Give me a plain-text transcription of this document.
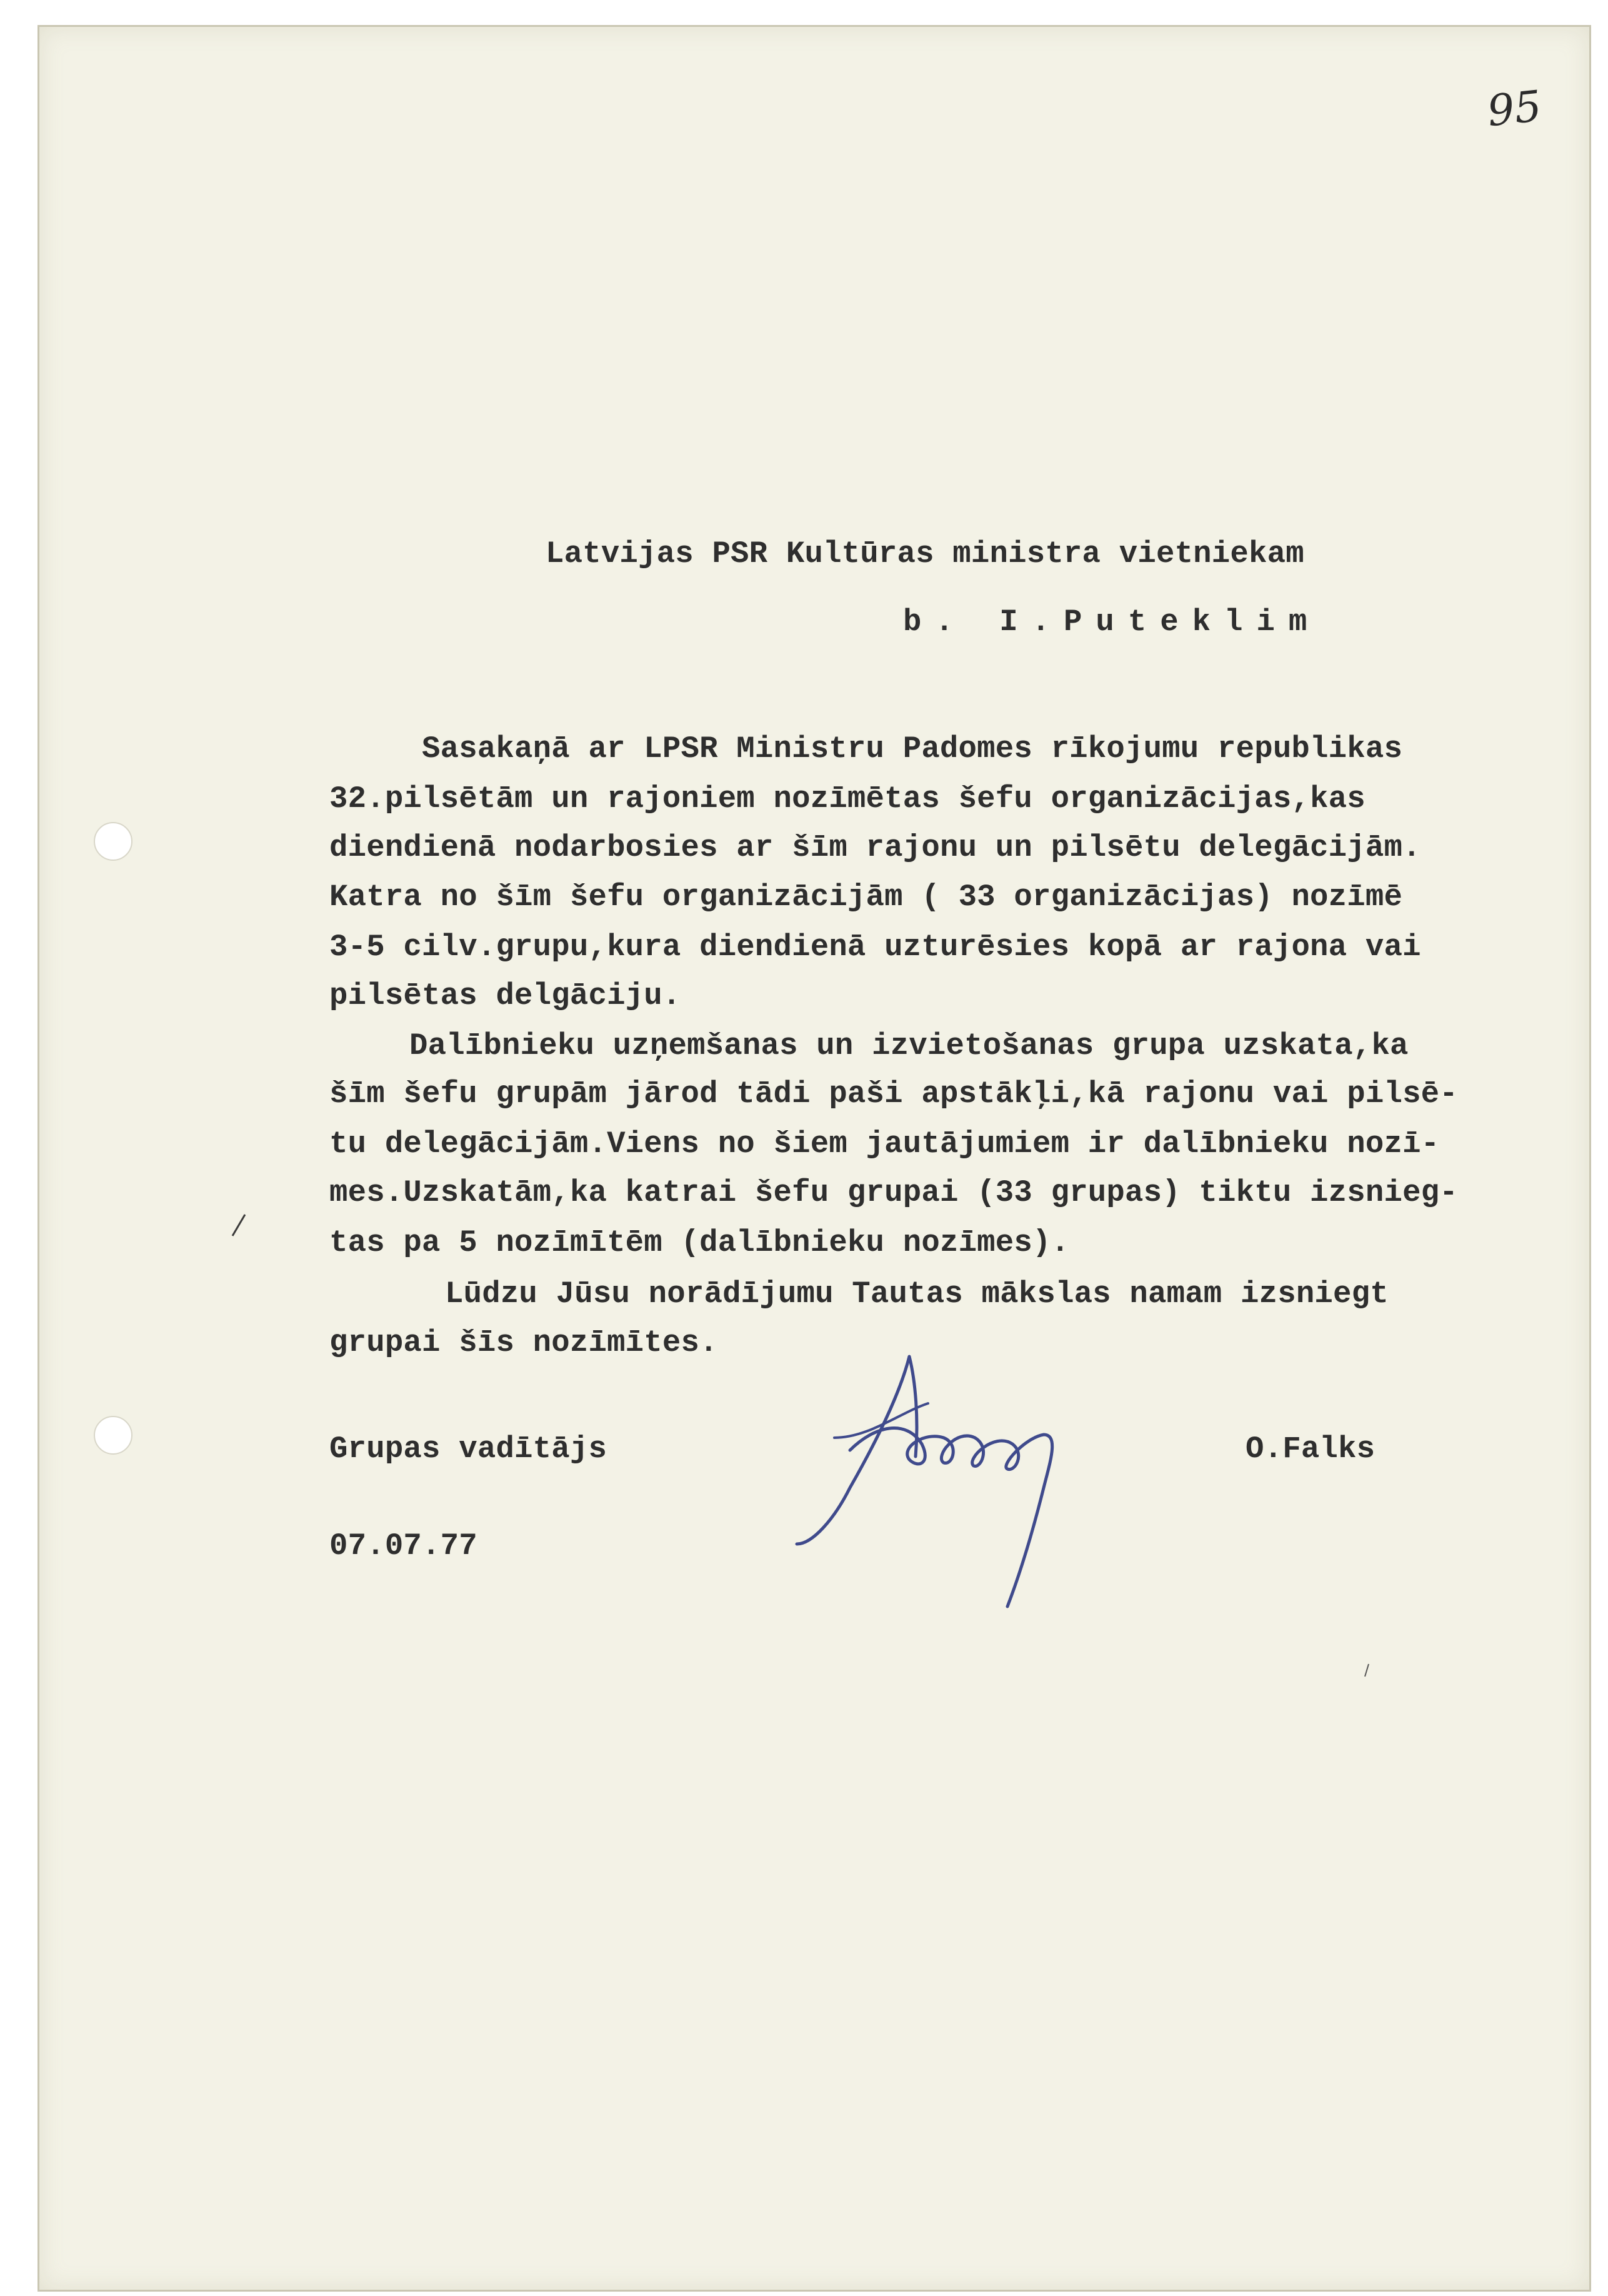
95
Latvijas PSR Kultūras ministra vietniekam
b. I.Puteklim
Sasakaņā ar LPSR Ministru Padomes rīkojumu republikas
32.pilsētām un rajoniem nozīmētas šefu organizācijas,kas
diendienā nodarbosies ar šīm rajonu un pilsētu delegācijām.
Katra no šīm šefu organizācijām ( 33 organizācijas) nozīmē
3-5 cilv.grupu,kura diendienā uzturēsies kopā ar rajona vai
pilsētas delgāciju.
Dalībnieku uzņemšanas un izvietošanas grupa uzskata,ka
šīm šefu grupām jārod tādi paši apstākļi,kā rajonu vai pilsē-
tu delegācijām.Viens no šiem jautājumiem ir dalībnieku nozī-
mes.Uzskatām,ka katrai šefu grupai (33 grupas) tiktu izsnieg-
tas pa 5 nozīmītēm (dalībnieku nozīmes).
Lūdzu Jūsu norādījumu Tautas mākslas namam izsniegt
grupai šīs nozīmītes.
Grupas vadītājs	O.Falks
07.07.77
